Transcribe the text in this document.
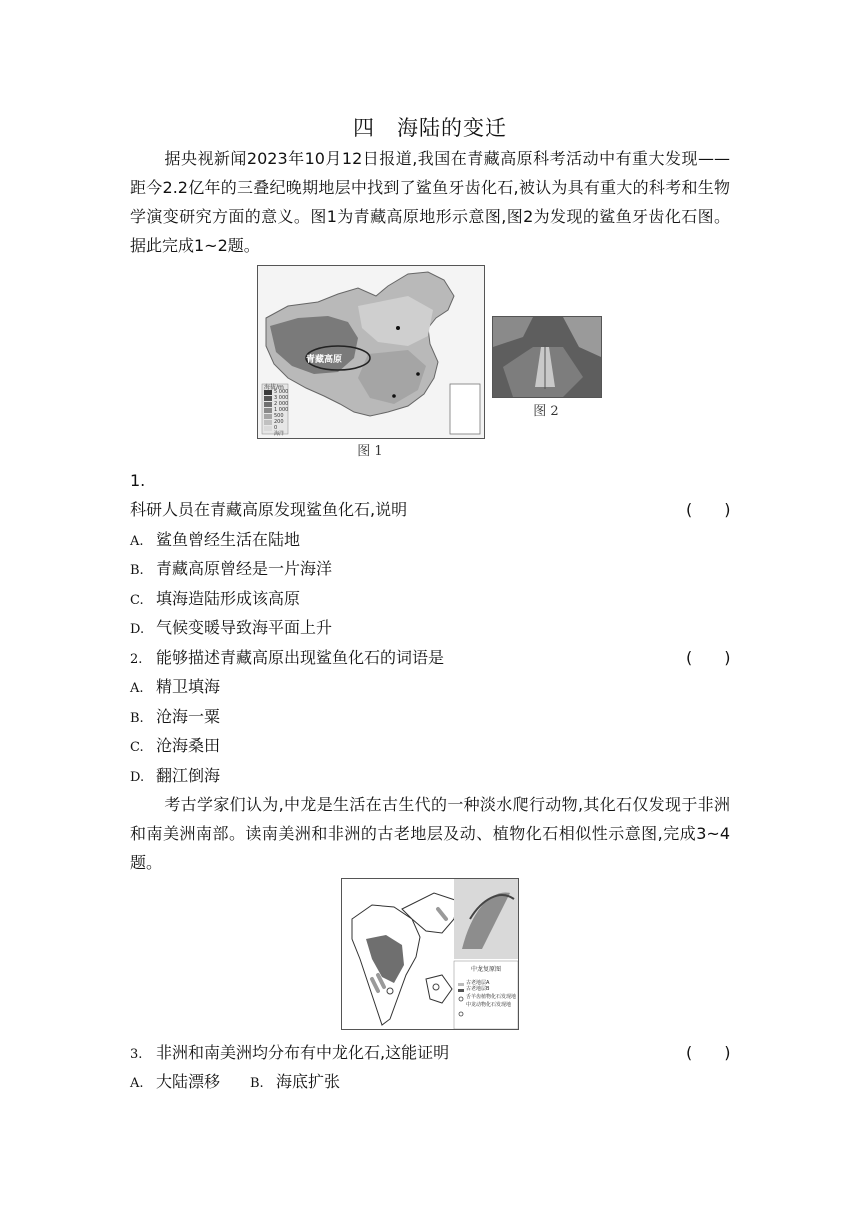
四　海陆的变迁
据央视新闻2023年10月12日报道,我国在青藏高原科考活动中有重大发现——距今2.2亿年的三叠纪晚期地层中找到了鲨鱼牙齿化石,被认为具有重大的科考和生物学演变研究方面的意义。图1为青藏高原地形示意图,图2为发现的鲨鱼牙齿化石图。据此完成1~2题。
青藏高原
海拔/m
5 000
3 000
2 000
1 000
500
200
0
海洋
图 1
图 2
1.
科研人员在青藏高原发现鲨鱼化石,说明	(　　)
A. 鲨鱼曾经生活在陆地
B. 青藏高原曾经是一片海洋
C. 填海造陆形成该高原
D. 气候变暖导致海平面上升
2. 能够描述青藏高原出现鲨鱼化石的词语是	(　　)
A. 精卫填海
B. 沧海一粟
C. 沧海桑田
D. 翻江倒海
考古学家们认为,中龙是生活在古生代的一种淡水爬行动物,其化石仅发现于非洲和南美洲南部。读南美洲和非洲的古老地层及动、植物化石相似性示意图,完成3~4题。
中龙复原图
古老地层A
古老地层B
舌羊齿植物化石发现地
中龙动物化石发现地
3. 非洲和南美洲均分布有中龙化石,这能证明	(　　)
A. 大陆漂移 B. 海底扩张
